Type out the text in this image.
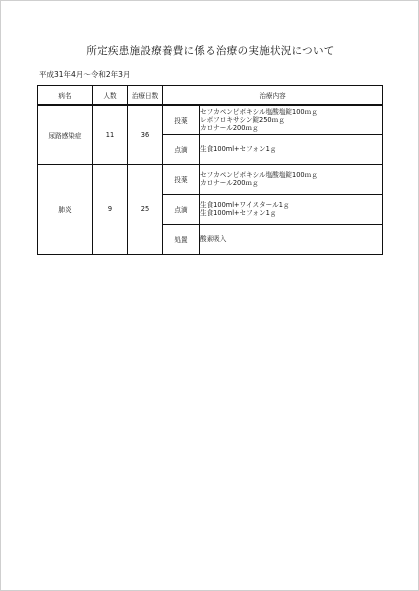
所定疾患施設療養費に係る治療の実施状況について
平成31年4月～令和2年3月
病名	人数	治療日数	治療内容	
尿路感染症	11	36	投薬	セフカペンピボキシル塩酸塩錠100ｍｇ
レボフロキサシン錠250ｍｇ
カロナール200ｍｇ

			点滴	生食100ml+セフォン1ｇ

肺炎	9	25	投薬	セフカペンピボキシル塩酸塩錠100ｍｇ
カロナール200ｍｇ

			点滴	生食100ml+ワイスタール1ｇ
生食100ml+セフォン1ｇ

			処置	酸素吸入
